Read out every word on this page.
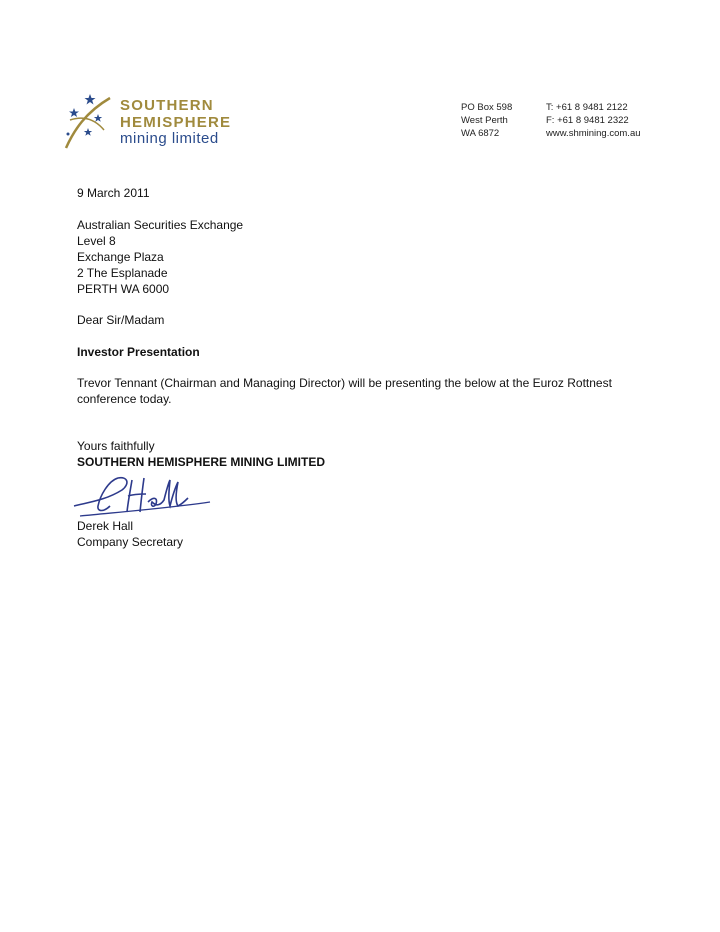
SOUTHERN
HEMISPHERE
mining limited
PO Box 598
West Perth
WA 6872
T: +61 8 9481 2122
F: +61 8 9481 2322
www.shmining.com.au
9 March 2011
Australian Securities Exchange
Level 8
Exchange Plaza
2 The Esplanade
PERTH WA 6000
Dear Sir/Madam
Investor Presentation
Trevor Tennant (Chairman and Managing Director) will be presenting the below at the Euroz Rottnest
conference today.
Yours faithfully
SOUTHERN HEMISPHERE MINING LIMITED
Derek Hall
Company Secretary
